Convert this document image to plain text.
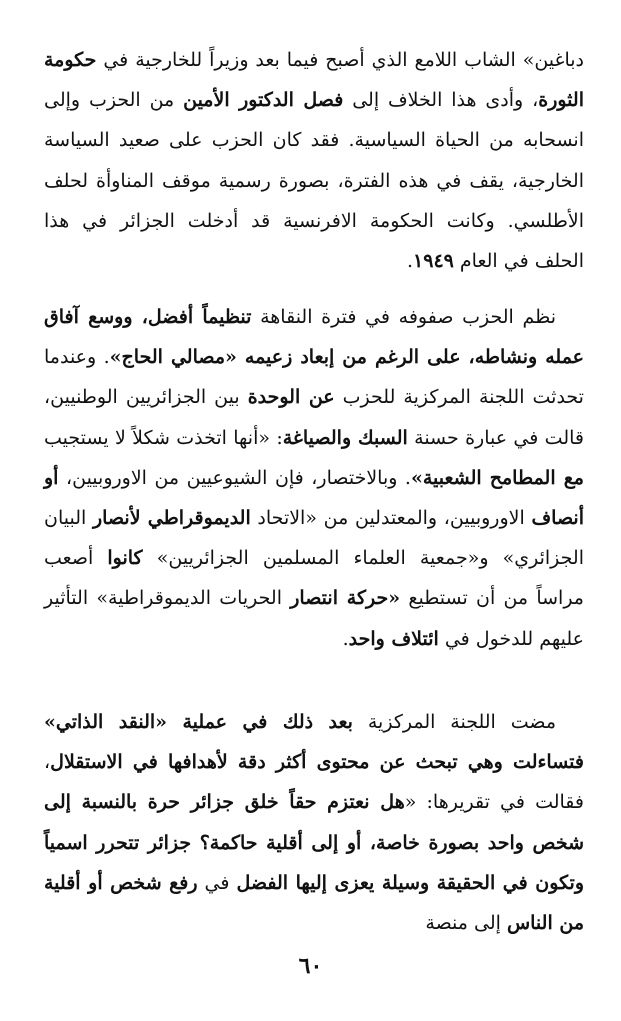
دباغين» الشاب اللامع الذي أصبح فيما بعد وزيراً للخارجية في حكومة الثورة، وأدى هذا الخلاف إلى فصل الدكتور الأمين من الحزب وإلى انسحابه من الحياة السياسية. فقد كان الحزب على صعيد السياسة الخارجية، يقف في هذه الفترة، بصورة رسمية موقف المناوأة لحلف الأطلسي. وكانت الحكومة الافرنسية قد أدخلت الجزائر في هذا الحلف في العام ١٩٤٩.

نظم الحزب صفوفه في فترة النقاهة تنظيماً أفضل، ووسع آفاق عمله ونشاطه، على الرغم من إبعاد زعيمه «مصالي الحاج». وعندما تحدثت اللجنة المركزية للحزب عن الوحدة بين الجزائريين الوطنيين، قالت في عبارة حسنة السبك والصياغة: «أنها اتخذت شكلاً لا يستجيب مع المطامح الشعبية». وبالاختصار، فإن الشيوعيين من الاوروبيين، أو أنصاف الاوروبيين، والمعتدلين من «الاتحاد الديموقراطي لأنصار البيان الجزائري» و«جمعية العلماء المسلمين الجزائريين» كانوا أصعب مراساً من أن تستطيع «حركة انتصار الحريات الديموقراطية» التأثير عليهم للدخول في ائتلاف واحد.

مضت اللجنة المركزية بعد ذلك في عملية «النقد الذاتي» فتساءلت وهي تبحث عن محتوى أكثر دقة لأهدافها في الاستقلال، فقالت في تقريرها: «هل نعتزم حقاً خلق جزائر حرة بالنسبة إلى شخص واحد بصورة خاصة، أو إلى أقلية حاكمة؟ جزائر تتحرر اسمياً وتكون في الحقيقة وسيلة يعزى إليها الفضل في رفع شخص أو أقلية من الناس إلى منصة

٦٠
